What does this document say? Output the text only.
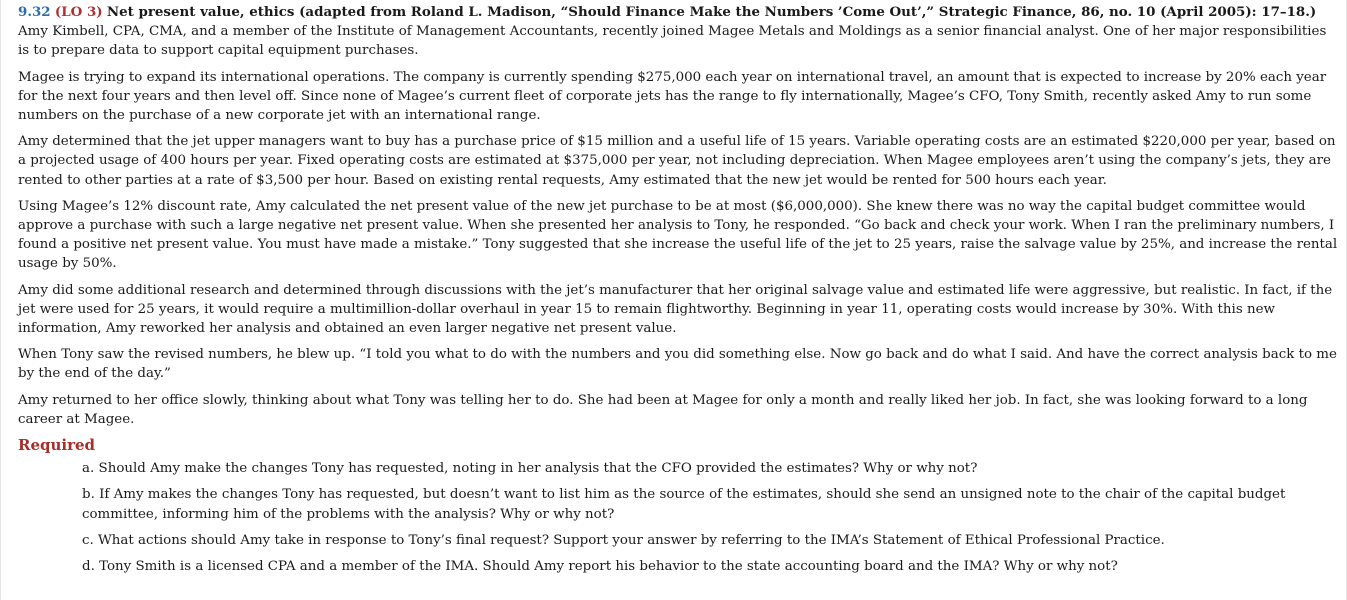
9.32 (LO 3) Net present value, ethics (adapted from Roland L. Madison, “Should Finance Make the Numbers ’Come Out’,” Strategic Finance, 86, no. 10 (April 2005): 17–18.) Amy Kimbell, CPA, CMA, and a member of the Institute of Management Accountants, recently joined Magee Metals and Moldings as a senior financial analyst. One of her major responsibilities is to prepare data to support capital equipment purchases.

Magee is trying to expand its international operations. The company is currently spending $275,000 each year on international travel, an amount that is expected to increase by 20% each year for the next four years and then level off. Since none of Magee’s current fleet of corporate jets has the range to fly internationally, Magee’s CFO, Tony Smith, recently asked Amy to run some numbers on the purchase of a new corporate jet with an international range.

Amy determined that the jet upper managers want to buy has a purchase price of $15 million and a useful life of 15 years. Variable operating costs are an estimated $220,000 per year, based on a projected usage of 400 hours per year. Fixed operating costs are estimated at $375,000 per year, not including depreciation. When Magee employees aren’t using the company’s jets, they are rented to other parties at a rate of $3,500 per hour. Based on existing rental requests, Amy estimated that the new jet would be rented for 500 hours each year.

Using Magee’s 12% discount rate, Amy calculated the net present value of the new jet purchase to be at most ($6,000,000). She knew there was no way the capital budget committee would approve a purchase with such a large negative net present value. When she presented her analysis to Tony, he responded. “Go back and check your work. When I ran the preliminary numbers, I found a positive net present value. You must have made a mistake.” Tony suggested that she increase the useful life of the jet to 25 years, raise the salvage value by 25%, and increase the rental usage by 50%.

Amy did some additional research and determined through discussions with the jet’s manufacturer that her original salvage value and estimated life were aggressive, but realistic. In fact, if the jet were used for 25 years, it would require a multimillion-dollar overhaul in year 15 to remain flightworthy. Beginning in year 11, operating costs would increase by 30%. With this new information, Amy reworked her analysis and obtained an even larger negative net present value.

When Tony saw the revised numbers, he blew up. “I told you what to do with the numbers and you did something else. Now go back and do what I said. And have the correct analysis back to me by the end of the day.”

Amy returned to her office slowly, thinking about what Tony was telling her to do. She had been at Magee for only a month and really liked her job. In fact, she was looking forward to a long career at Magee.

Required
a. Should Amy make the changes Tony has requested, noting in her analysis that the CFO provided the estimates? Why or why not?
b. If Amy makes the changes Tony has requested, but doesn’t want to list him as the source of the estimates, should she send an unsigned note to the chair of the capital budget committee, informing him of the problems with the analysis? Why or why not?
c. What actions should Amy take in response to Tony’s final request? Support your answer by referring to the IMA’s Statement of Ethical Professional Practice.
d. Tony Smith is a licensed CPA and a member of the IMA. Should Amy report his behavior to the state accounting board and the IMA? Why or why not?
